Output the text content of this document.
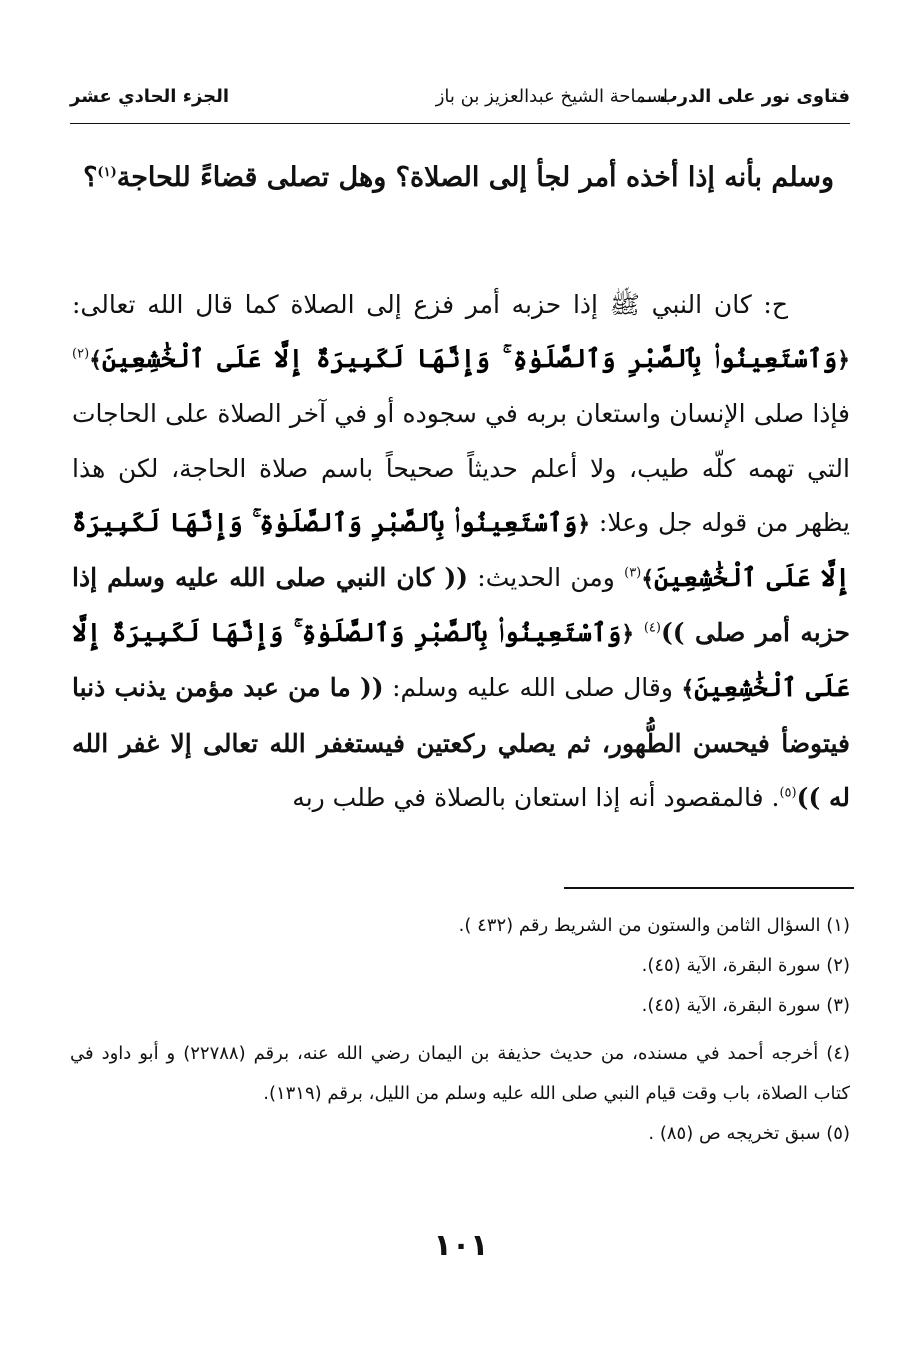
فتاوى نور على الدرب ــ
لسماحة الشيخ عبدالعزيز بن باز
الجزء الحادي عشر
وسلم بأنه إذا أخذه أمر لجأ إلى الصلاة؟ وهل تصلى قضاءً للحاجة$^{(١)}$؟

ح: كان النبي ﷺ إذا حزبه أمر فزع إلى الصلاة كما قال الله تعالى: ﴿وَٱسْتَعِينُوا۟ بِٱلصَّبْرِ وَٱلصَّلَوٰةِ ۚ وَإِنَّهَا لَكَبِيرَةٌ إِلَّا عَلَى ٱلْخَٰشِعِينَ﴾$^{(٢)}$ فإذا صلى الإنسان واستعان بربه في سجوده أو في آخر الصلاة على الحاجات التي تهمه كلّه طيب، ولا أعلم حديثاً صحيحاً باسم صلاة الحاجة، لكن هذا يظهر من قوله جل وعلا: ﴿وَٱسْتَعِينُوا۟ بِٱلصَّبْرِ وَٱلصَّلَوٰةِ ۚ وَإِنَّهَا لَكَبِيرَةٌ إِلَّا عَلَى ٱلْخَٰشِعِينَ﴾$^{(٣)}$ ومن الحديث: (( كان النبي صلى الله عليه وسلم إذا حزبه أمر صلى ))$^{(٤)}$ ﴿وَٱسْتَعِينُوا۟ بِٱلصَّبْرِ وَٱلصَّلَوٰةِ ۚ وَإِنَّهَا لَكَبِيرَةٌ إِلَّا عَلَى ٱلْخَٰشِعِينَ﴾ وقال صلى الله عليه وسلم: (( ما من عبد مؤمن يذنب ذنبا فيتوضأ فيحسن الطُّهور، ثم يصلي ركعتين فيستغفر الله تعالى إلا غفر الله له ))$^{(٥)}$. فالمقصود أنه إذا استعان بالصلاة في طلب ربه

(١) السؤال الثامن والستون من الشريط رقم (٤٣٢ ).

(٢) سورة البقرة، الآية (٤٥).

(٣) سورة البقرة، الآية (٤٥).

(٤) أخرجه أحمد في مسنده، من حديث حذيفة بن اليمان رضي الله عنه، برقم (٢٢٧٨٨) و أبو داود في كتاب الصلاة، باب وقت قيام النبي صلى الله عليه وسلم من الليل، برقم (١٣١٩).

(٥) سبق تخريجه ص (٨٥) .

١٠١
